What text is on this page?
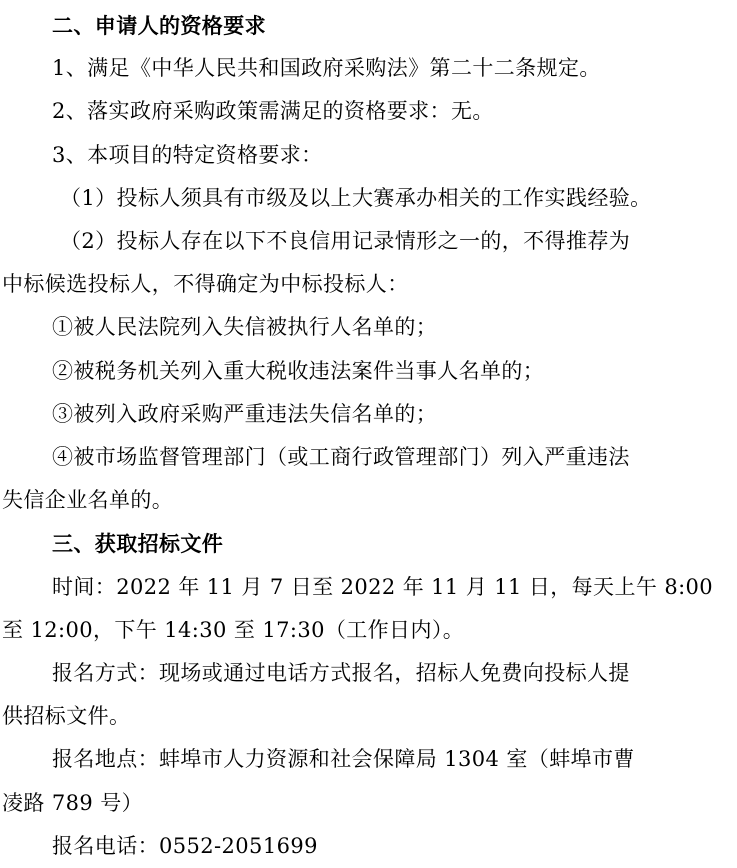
二、申请人的资格要求

1、满足《中华人民共和国政府采购法》第二十二条规定。

2、落实政府采购政策需满足的资格要求：无。

3、本项目的特定资格要求：

（1）投标人须具有市级及以上大赛承办相关的工作实践经验。

（2）投标人存在以下不良信用记录情形之一的，不得推荐为

中标候选投标人，不得确定为中标投标人：

①被人民法院列入失信被执行人名单的；

②被税务机关列入重大税收违法案件当事人名单的；

③被列入政府采购严重违法失信名单的；

④被市场监督管理部门（或工商行政管理部门）列入严重违法

失信企业名单的。

三、获取招标文件

时间：2022 年 11 月 7 日至 2022 年 11 月 11 日，每天上午 8:00

至 12:00，下午 14:30 至 17:30（工作日内）。

报名方式：现场或通过电话方式报名，招标人免费向投标人提

供招标文件。

报名地点：蚌埠市人力资源和社会保障局 1304 室（蚌埠市曹

凌路 789 号）

报名电话：0552-2051699
